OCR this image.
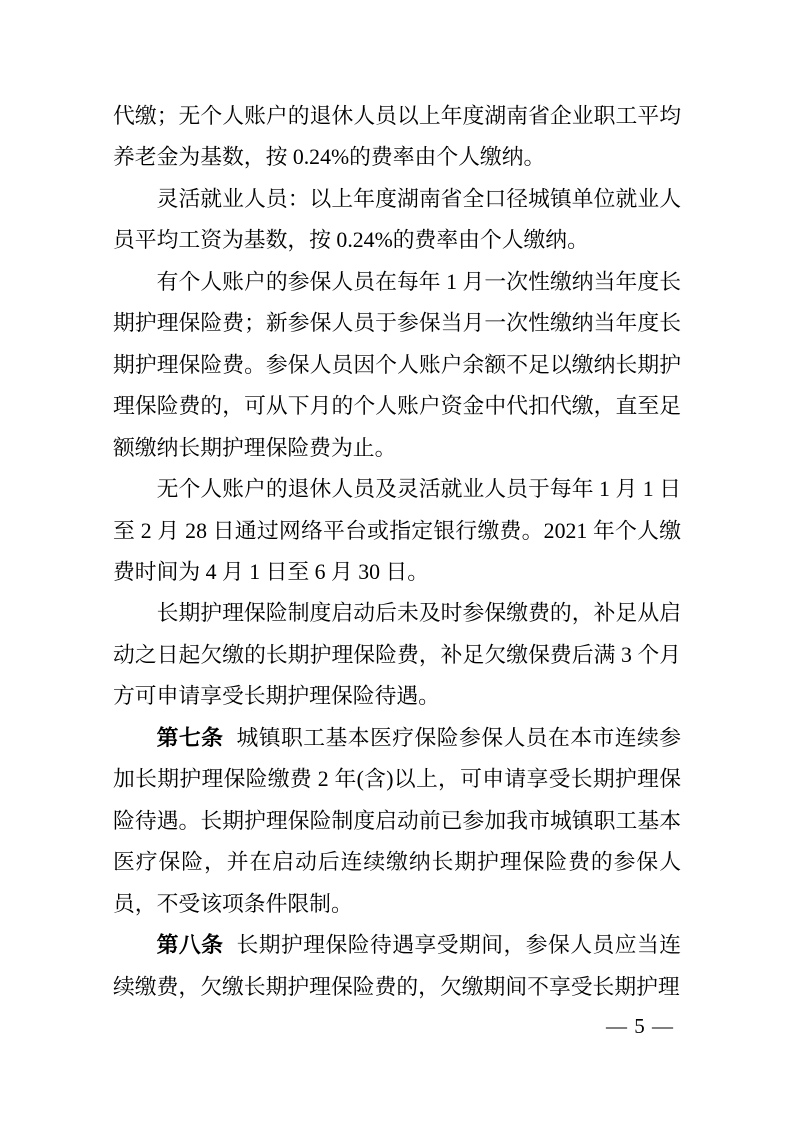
代缴；无个人账户的退休人员以上年度湖南省企业职工平均养老金为基数，按 0.24%的费率由个人缴纳。

灵活就业人员：以上年度湖南省全口径城镇单位就业人员平均工资为基数，按 0.24%的费率由个人缴纳。

有个人账户的参保人员在每年 1 月一次性缴纳当年度长期护理保险费；新参保人员于参保当月一次性缴纳当年度长期护理保险费。参保人员因个人账户余额不足以缴纳长期护理保险费的，可从下月的个人账户资金中代扣代缴，直至足额缴纳长期护理保险费为止。

无个人账户的退休人员及灵活就业人员于每年 1 月 1 日至 2 月 28 日通过网络平台或指定银行缴费。2021 年个人缴费时间为 4 月 1 日至 6 月 30 日。

长期护理保险制度启动后未及时参保缴费的，补足从启动之日起欠缴的长期护理保险费，补足欠缴保费后满 3 个月方可申请享受长期护理保险待遇。

第七条 城镇职工基本医疗保险参保人员在本市连续参加长期护理保险缴费 2 年(含)以上，可申请享受长期护理保险待遇。长期护理保险制度启动前已参加我市城镇职工基本医疗保险，并在启动后连续缴纳长期护理保险费的参保人员，不受该项条件限制。

第八条 长期护理保险待遇享受期间，参保人员应当连续缴费，欠缴长期护理保险费的，欠缴期间不享受长期护理

— 5 —
